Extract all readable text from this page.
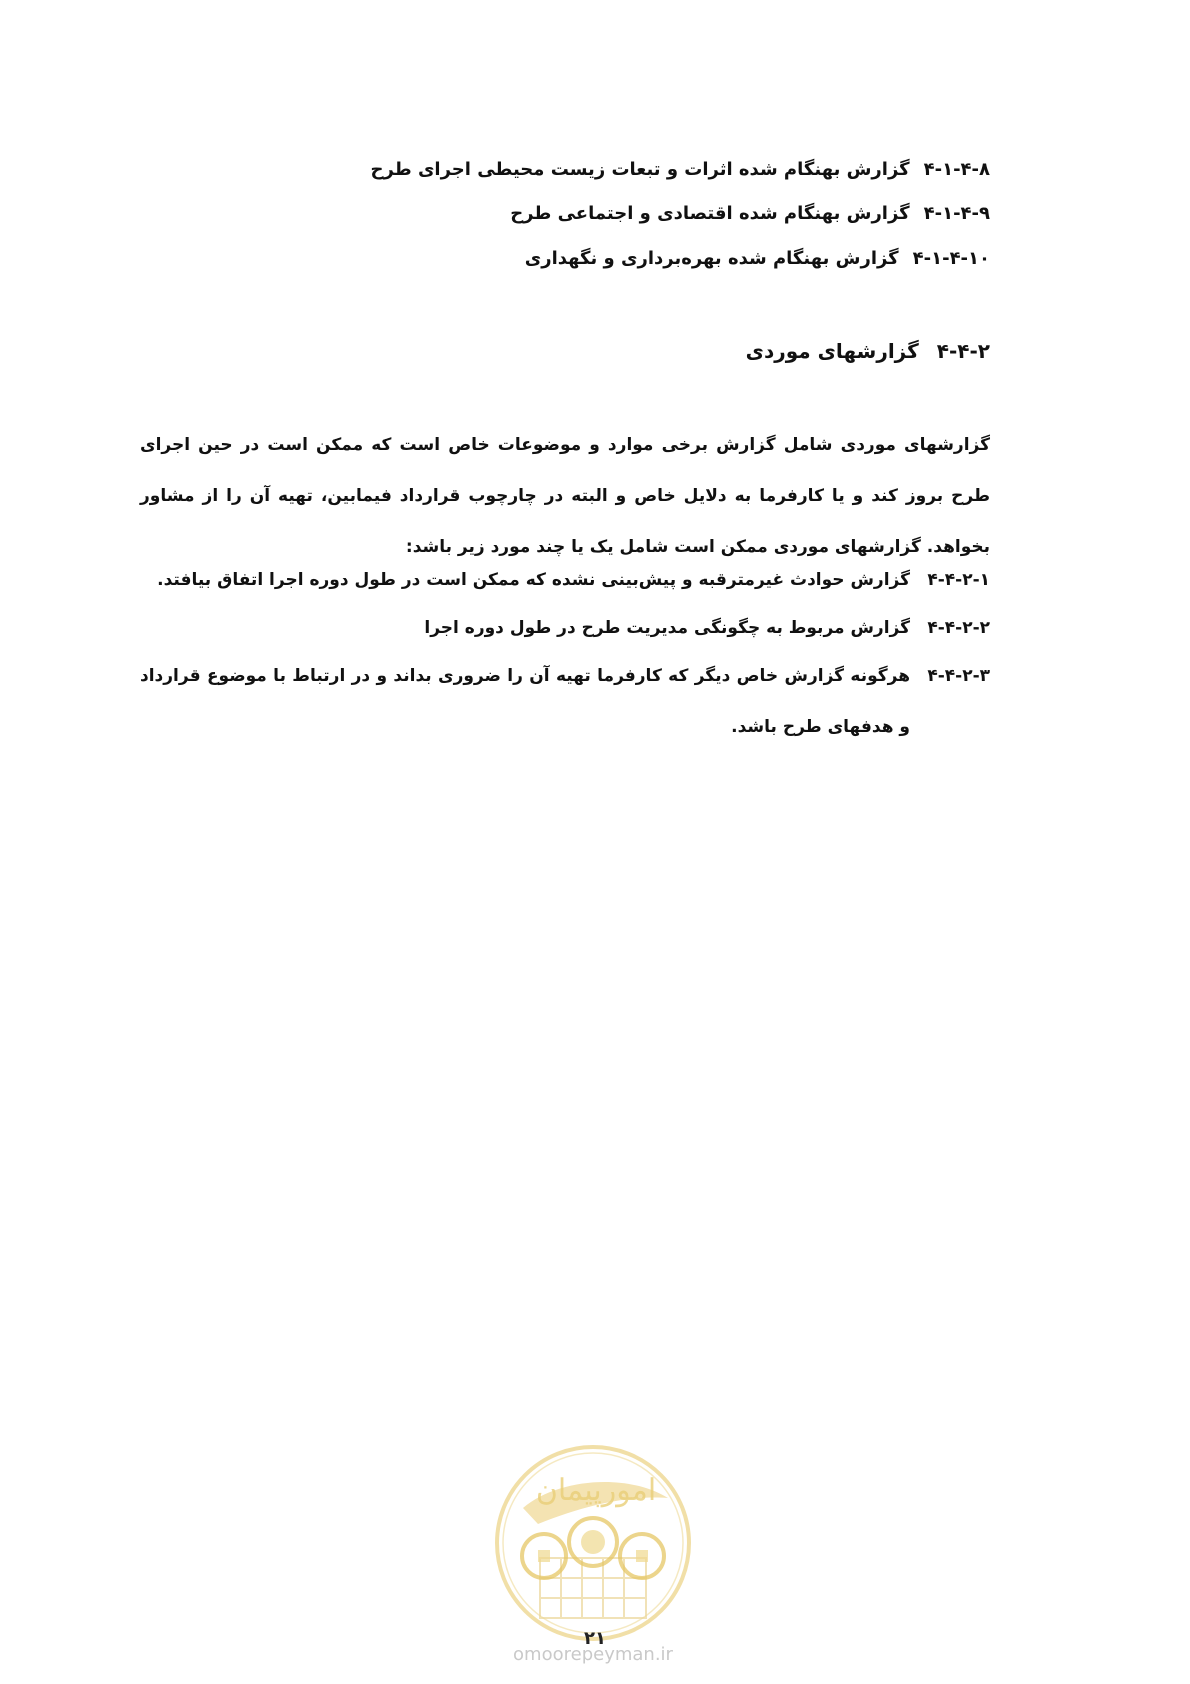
۴-۱-۴-۸گزارش بهنگام شده اثرات و تبعات زیست محیطی اجرای طرح
۴-۱-۴-۹گزارش بهنگام شده اقتصادی و اجتماعی طرح
۴-۱-۴-۱۰گزارش بهنگام شده بهره‌برداری و نگهداری
۴-۴-۲گزارشهای موردی
گزارشهای موردی شامل گزارش برخی موارد و موضوعات خاص است که ممکن است در حین اجرای طرح بروز کند و یا کارفرما به دلایل خاص و البته در چارچوب قرارداد فیمابین، تهیه آن را از مشاور بخواهد. گزارشهای موردی ممکن است شامل یک یا چند مورد زیر باشد:
۴-۴-۲-۱
گزارش حوادث غیرمترقبه و پیش‌بینی نشده که ممکن است در طول دوره اجرا اتفاق بیافتد.
۴-۴-۲-۲
گزارش مربوط به چگونگی مدیریت طرح در طول دوره اجرا
۴-۴-۲-۳
هرگونه گزارش خاص دیگر که کارفرما تهیه آن را ضروری بداند و در ارتباط با موضوع قرارداد و هدفهای طرح باشد.
امورپیمان
omoorepeyman.ir
۲۱
